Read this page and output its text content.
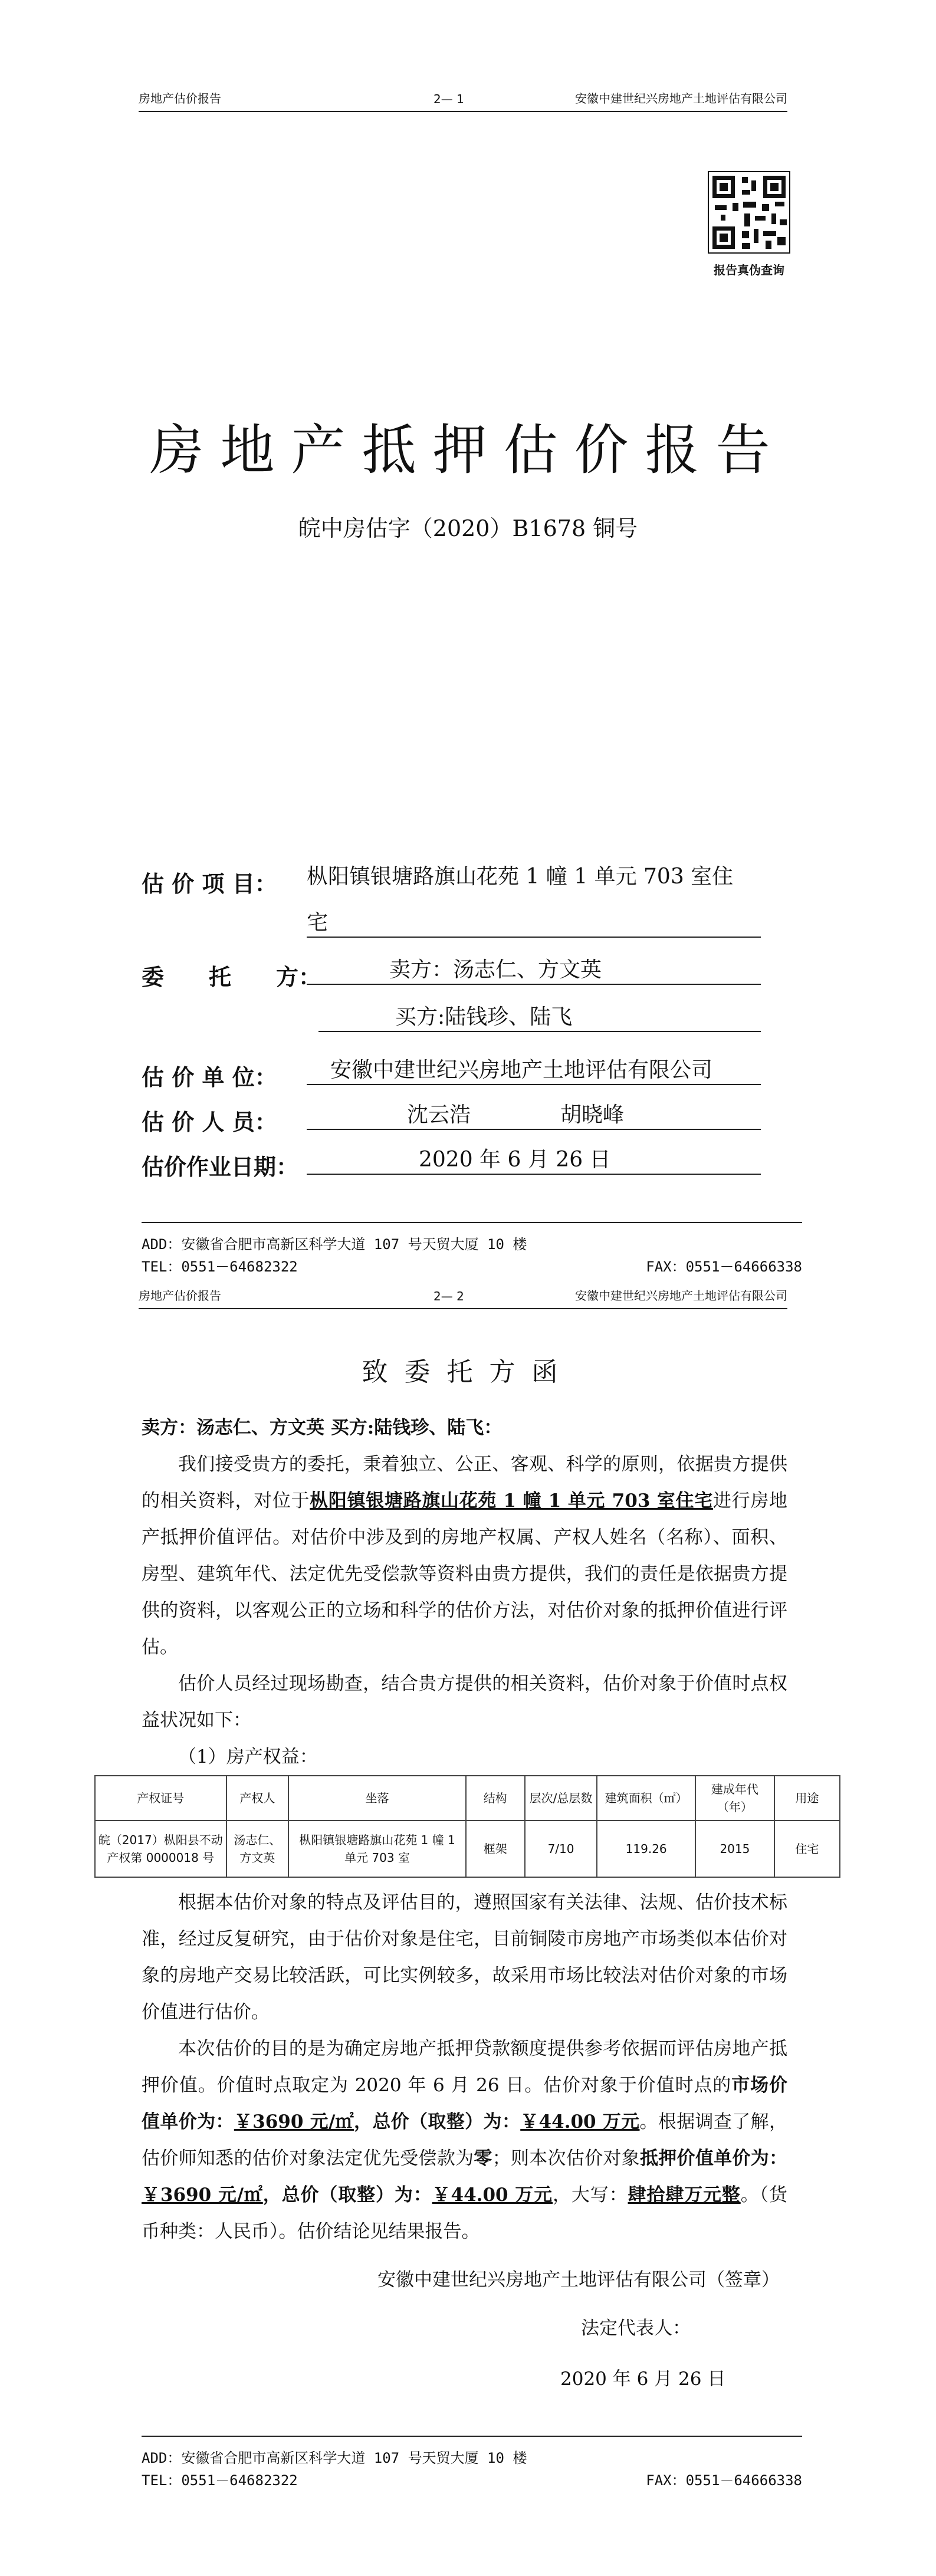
房地产估价报告	2— 1	安徽中建世纪兴房地产土地评估有限公司
报告真伪查询
房地产抵押估价报告
皖中房估字（2020）B1678 铜号
估 价 项 目： 枞阳镇银塘路旗山花苑 1 幢 1 单元 703 室住
宅
委　　托　　方：	卖方：汤志仁、方文英
买方:陆钱珍、陆飞
估 价 单 位：	安徽中建世纪兴房地产土地评估有限公司
估 价 人 员：	沈云浩	胡晓峰
估价作业日期：	2020 年 6 月 26 日
ADD：安徽省合肥市高新区科学大道 107 号天贸大厦 10 楼
TEL：0551－64682322	FAX：0551－64666338
房地产估价报告	2— 2	安徽中建世纪兴房地产土地评估有限公司
致委托方函
卖方：汤志仁、方文英 买方:陆钱珍、陆飞：

我们接受贵方的委托，秉着独立、公正、客观、科学的原则，依据贵方提供的相关资料，对位于枞阳镇银塘路旗山花苑 1 幢 1 单元 703 室住宅进行房地产抵押价值评估。对估价中涉及到的房地产权属、产权人姓名（名称）、面积、房型、建筑年代、法定优先受偿款等资料由贵方提供，我们的责任是依据贵方提供的资料，以客观公正的立场和科学的估价方法，对估价对象的抵押价值进行评估。

估价人员经过现场勘查，结合贵方提供的相关资料，估价对象于价值时点权益状况如下：

（1）房产权益：

产权证号	产权人	坐落	结构	层次/总层数	建筑面积（㎡）	建成年代（年）	用途
皖（2017）枞阳县不动产权第 0000018 号	汤志仁、方文英	枞阳镇银塘路旗山花苑 1 幢 1 单元 703 室	框架	7/10	119.26	2015	住宅

根据本估价对象的特点及评估目的，遵照国家有关法律、法规、估价技术标准，经过反复研究，由于估价对象是住宅，目前铜陵市房地产市场类似本估价对象的房地产交易比较活跃，可比实例较多，故采用市场比较法对估价对象的市场价值进行估价。

本次估价的目的是为确定房地产抵押贷款额度提供参考依据而评估房地产抵押价值。价值时点取定为 2020 年 6 月 26 日。估价对象于价值时点的市场价值单价为：￥3690 元/㎡，总价（取整）为：￥44.00 万元。根据调查了解，估价师知悉的估价对象法定优先受偿款为零；则本次估价对象抵押价值单价为：￥3690 元/㎡，总价（取整）为：￥44.00 万元，大写：肆拾肆万元整。（货币种类：人民币）。估价结论见结果报告。

安徽中建世纪兴房地产土地评估有限公司（签章）
法定代表人：
2020 年 6 月 26 日
ADD：安徽省合肥市高新区科学大道 107 号天贸大厦 10 楼
TEL：0551－64682322	FAX：0551－64666338
